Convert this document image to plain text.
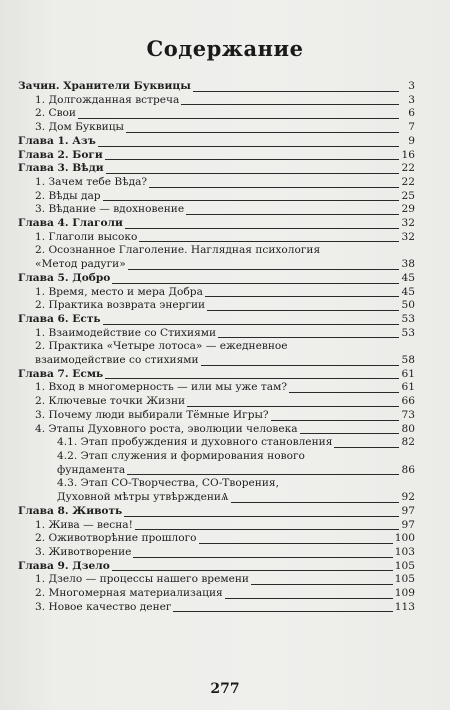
Содержание
Зачин. Хранители Буквицы	3
1. Долгожданная встреча	3
2. Свои	6
3. Дом Буквицы	7
Глава 1. Азъ	9
Глава 2. Боги	16
Глава 3. Вѣди	22
1. Зачем тебе Вѣда?	22
2. Вѣды дар	25
3. Вѣдание — вдохновение	29
Глава 4. Глаголи	32
1. Глаголи высоко	32
2. Осознанное Глаголение. Наглядная психология
«Метод радуги»	38
Глава 5. Добро	45
1. Время, место и мера Добра	45
2. Практика возврата энергии	50
Глава 6. Есть	53
1. Взаимодействие со Стихиями	53
2. Практика «Четыре лотоса» — ежедневное
взаимодействие со стихиями	58
Глава 7. Есмь	61
1. Вход в многомерность — или мы уже там?	61
2. Ключевые точки Жизни	66
3. Почему люди выбирали Тёмные Игры?	73
4. Этапы Духовного роста, эволюции человека	80
4.1. Этап пробуждения и духовного становления	82
4.2. Этап служения и формирования нового
фундамента	86
4.3. Этап СО-Творчества, СО-Творения,
Духовной мѣтры утвѣрждениѦ	92
Глава 8. Животь	97
1. Жива — весна!	97
2. Оживотворѣние прошлого	100
3. Животворение	103
Глава 9. Дзело	105
1. Дзело — процессы нашего времени	105
2. Многомерная материализация	109
3. Новое качество денег	113
277
